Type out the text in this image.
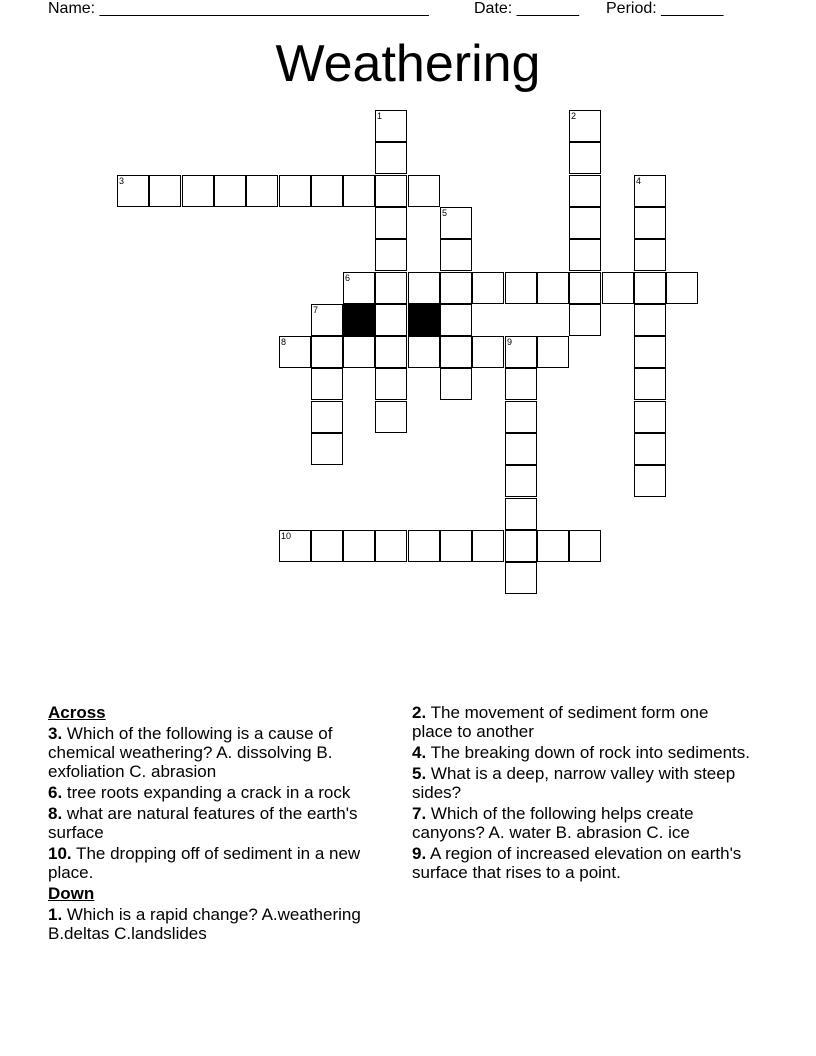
Name: _____________________________________	Date: _______ Period: _______
Weathering
1	2
3	4
5
6
7
8	9
10
Across
3. Which of the following is a cause of chemical weathering? A. dissolving B. exfoliation C. abrasion
6. tree roots expanding a crack in a rock
8. what are natural features of the earth's surface
10. The dropping off of sediment in a new place.
Down
1. Which is a rapid change? A.weathering B.deltas C.landslides
2. The movement of sediment form one place to another
4. The breaking down of rock into sediments.
5. What is a deep, narrow valley with steep sides?
7. Which of the following helps create canyons? A. water B. abrasion C. ice
9. A region of increased elevation on earth's surface that rises to a point.
